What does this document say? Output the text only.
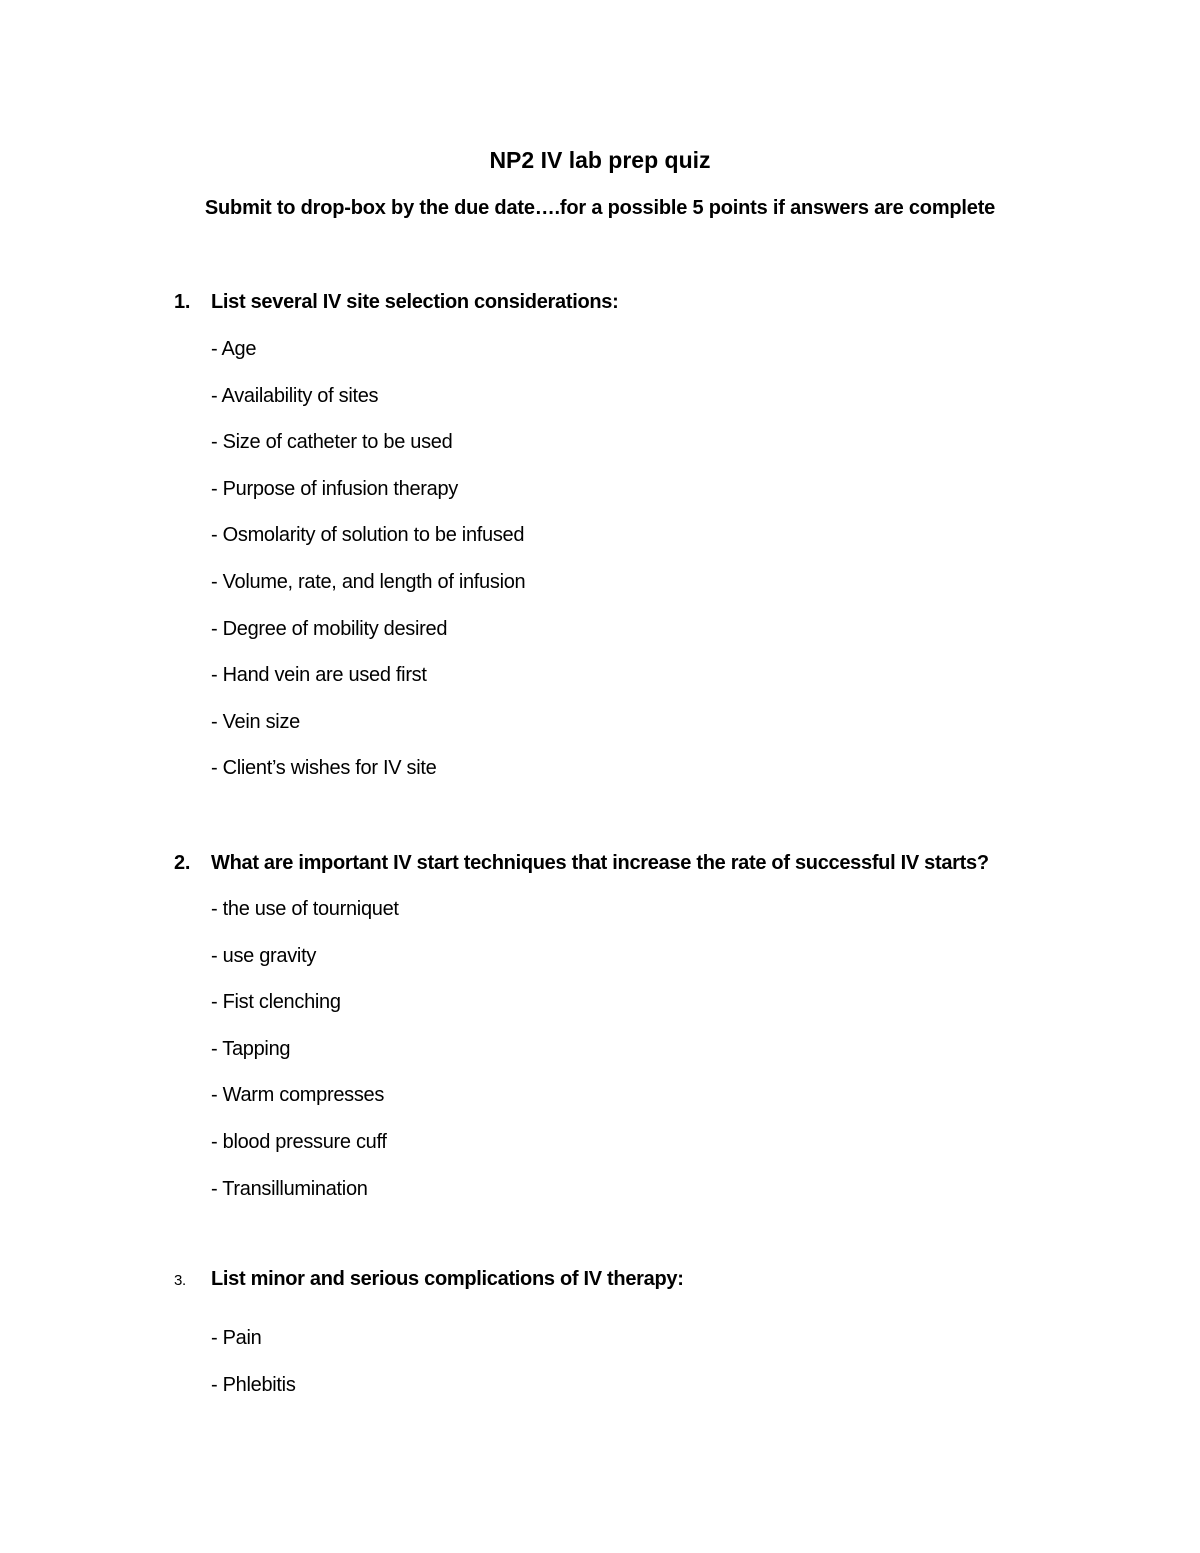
NP2 IV lab prep quiz
Submit to drop-box by the due date….for a possible 5 points if answers are complete
1. List several IV site selection considerations:
- Age
- Availability of sites
- Size of catheter to be used
- Purpose of infusion therapy
- Osmolarity of solution to be infused
- Volume, rate, and length of infusion
- Degree of mobility desired
- Hand vein are used first
- Vein size
- Client’s wishes for IV site
2. What are important IV start techniques that increase the rate of successful IV starts?
- the use of tourniquet
- use gravity
- Fist clenching
- Tapping
- Warm compresses
- blood pressure cuff
- Transillumination
3. List minor and serious complications of IV therapy:
- Pain
- Phlebitis
